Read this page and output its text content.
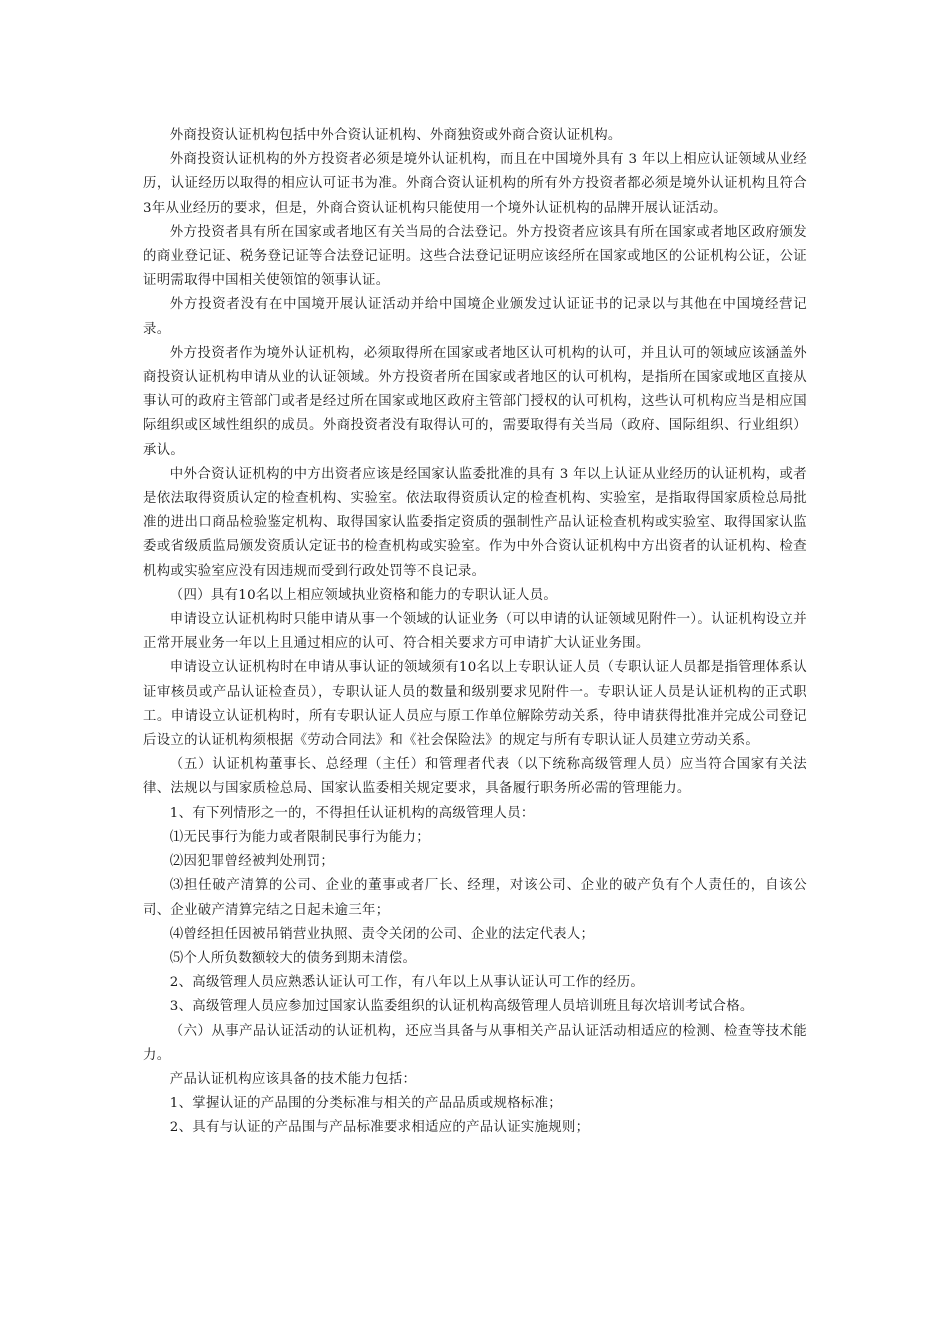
外商投资认证机构包括中外合资认证机构、外商独资或外商合资认证机构。

外商投资认证机构的外方投资者必须是境外认证机构，而且在中国境外具有 3 年以上相应认证领域从业经历，认证经历以取得的相应认可证书为准。外商合资认证机构的所有外方投资者都必须是境外认证机构且符合3年从业经历的要求，但是，外商合资认证机构只能使用一个境外认证机构的品牌开展认证活动。

外方投资者具有所在国家或者地区有关当局的合法登记。外方投资者应该具有所在国家或者地区政府颁发的商业登记证、税务登记证等合法登记证明。这些合法登记证明应该经所在国家或地区的公证机构公证，公证证明需取得中国相关使领馆的领事认证。

外方投资者没有在中国境开展认证活动并给中国境企业颁发过认证证书的记录以与其他在中国境经营记录。

外方投资者作为境外认证机构，必须取得所在国家或者地区认可机构的认可，并且认可的领域应该涵盖外商投资认证机构申请从业的认证领域。外方投资者所在国家或者地区的认可机构，是指所在国家或地区直接从事认可的政府主管部门或者是经过所在国家或地区政府主管部门授权的认可机构，这些认可机构应当是相应国际组织或区域性组织的成员。外商投资者没有取得认可的，需要取得有关当局（政府、国际组织、行业组织）承认。

中外合资认证机构的中方出资者应该是经国家认监委批准的具有 3 年以上认证从业经历的认证机构，或者是依法取得资质认定的检查机构、实验室。依法取得资质认定的检查机构、实验室，是指取得国家质检总局批准的进出口商品检验鉴定机构、取得国家认监委指定资质的强制性产品认证检查机构或实验室、取得国家认监委或省级质监局颁发资质认定证书的检查机构或实验室。作为中外合资认证机构中方出资者的认证机构、检查机构或实验室应没有因违规而受到行政处罚等不良记录。

（四）具有10名以上相应领域执业资格和能力的专职认证人员。

申请设立认证机构时只能申请从事一个领域的认证业务（可以申请的认证领域见附件一）。认证机构设立并正常开展业务一年以上且通过相应的认可、符合相关要求方可申请扩大认证业务围。

申请设立认证机构时在申请从事认证的领域须有10名以上专职认证人员（专职认证人员都是指管理体系认证审核员或产品认证检查员），专职认证人员的数量和级别要求见附件一。专职认证人员是认证机构的正式职工。申请设立认证机构时，所有专职认证人员应与原工作单位解除劳动关系，待申请获得批准并完成公司登记后设立的认证机构须根据《劳动合同法》和《社会保险法》的规定与所有专职认证人员建立劳动关系。

（五）认证机构董事长、总经理（主任）和管理者代表（以下统称高级管理人员）应当符合国家有关法律、法规以与国家质检总局、国家认监委相关规定要求，具备履行职务所必需的管理能力。

1、有下列情形之一的，不得担任认证机构的高级管理人员：

⑴无民事行为能力或者限制民事行为能力；

⑵因犯罪曾经被判处刑罚；

⑶担任破产清算的公司、企业的董事或者厂长、经理，对该公司、企业的破产负有个人责任的，自该公司、企业破产清算完结之日起未逾三年；

⑷曾经担任因被吊销营业执照、责令关闭的公司、企业的法定代表人；

⑸个人所负数额较大的债务到期未清偿。

2、高级管理人员应熟悉认证认可工作，有八年以上从事认证认可工作的经历。

3、高级管理人员应参加过国家认监委组织的认证机构高级管理人员培训班且每次培训考试合格。

（六）从事产品认证活动的认证机构，还应当具备与从事相关产品认证活动相适应的检测、检查等技术能力。

产品认证机构应该具备的技术能力包括：

1、掌握认证的产品围的分类标准与相关的产品品质或规格标准；

2、具有与认证的产品围与产品标准要求相适应的产品认证实施规则；
